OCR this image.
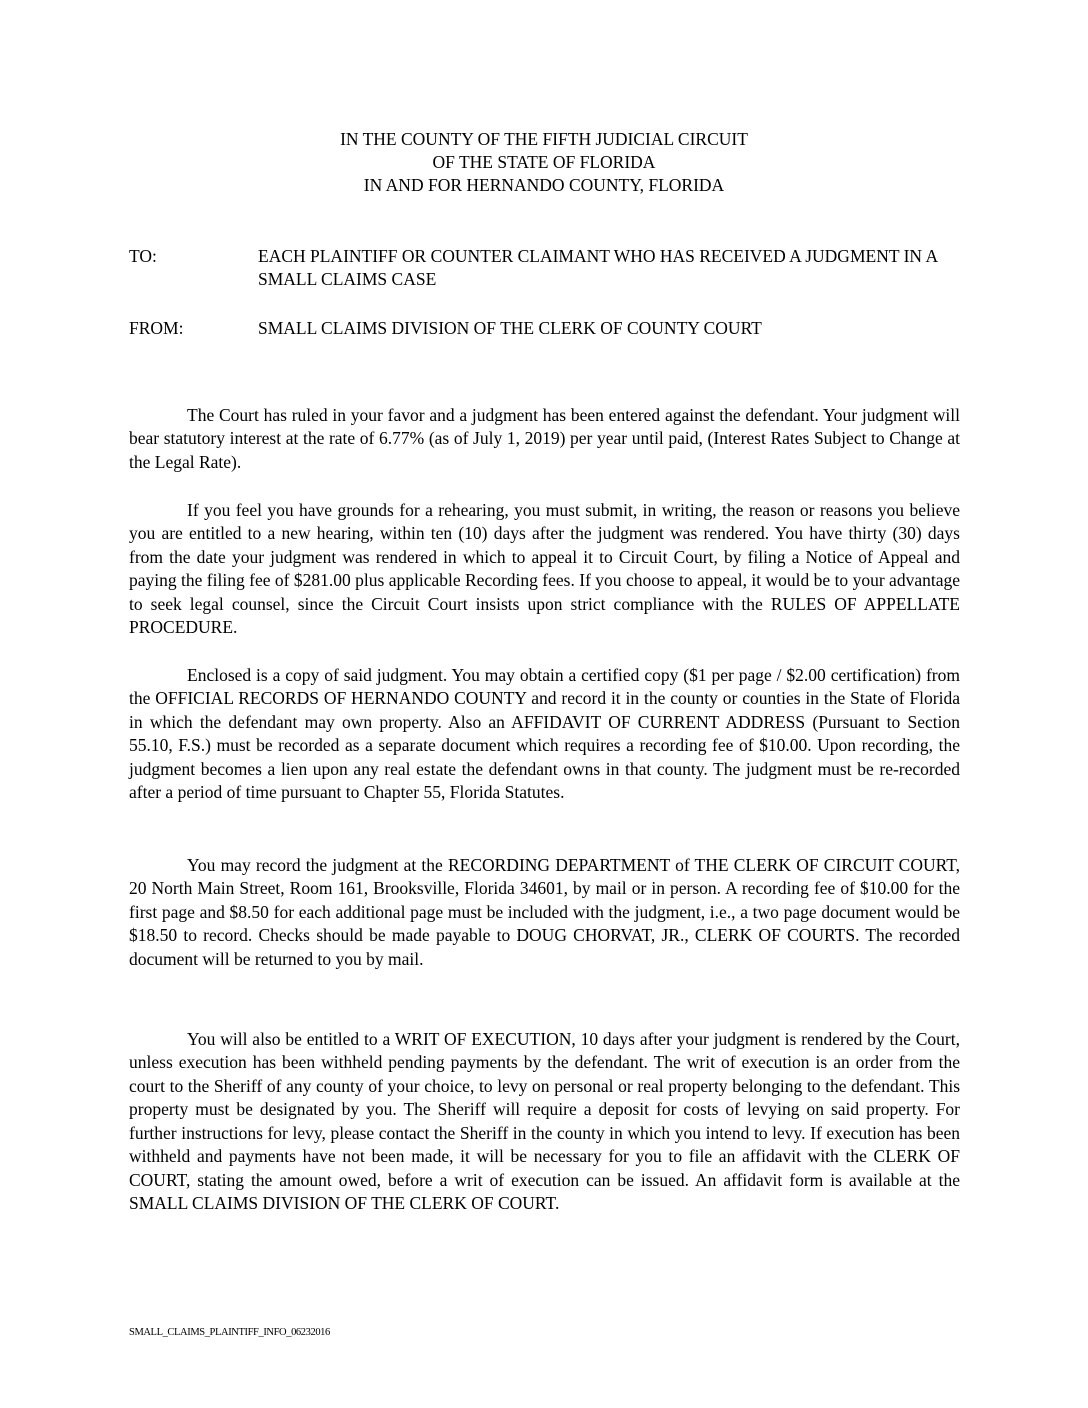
IN THE COUNTY OF THE FIFTH JUDICIAL CIRCUIT
OF THE STATE OF FLORIDA
IN AND FOR HERNANDO COUNTY, FLORIDA
TO:	EACH PLAINTIFF OR COUNTER CLAIMANT WHO HAS RECEIVED A JUDGMENT IN A SMALL CLAIMS CASE
FROM:	SMALL CLAIMS DIVISION OF THE CLERK OF COUNTY COURT

The Court has ruled in your favor and a judgment has been entered against the defendant. Your judgment will bear statutory interest at the rate of 6.77% (as of July 1, 2019) per year until paid, (Interest Rates Subject to Change at the Legal Rate).

If you feel you have grounds for a rehearing, you must submit, in writing, the reason or reasons you believe you are entitled to a new hearing, within ten (10) days after the judgment was rendered. You have thirty (30) days from the date your judgment was rendered in which to appeal it to Circuit Court, by filing a Notice of Appeal and paying the filing fee of $281.00 plus applicable Recording fees. If you choose to appeal, it would be to your advantage to seek legal counsel, since the Circuit Court insists upon strict compliance with the RULES OF APPELLATE PROCEDURE.

Enclosed is a copy of said judgment. You may obtain a certified copy ($1 per page / $2.00 certification) from the OFFICIAL RECORDS OF HERNANDO COUNTY and record it in the county or counties in the State of Florida in which the defendant may own property. Also an AFFIDAVIT OF CURRENT ADDRESS (Pursuant to Section 55.10, F.S.) must be recorded as a separate document which requires a recording fee of $10.00. Upon recording, the judgment becomes a lien upon any real estate the defendant owns in that county. The judgment must be re-recorded after a period of time pursuant to Chapter 55, Florida Statutes.

You may record the judgment at the RECORDING DEPARTMENT of THE CLERK OF CIRCUIT COURT, 20 North Main Street, Room 161, Brooksville, Florida 34601, by mail or in person. A recording fee of $10.00 for the first page and $8.50 for each additional page must be included with the judgment, i.e., a two page document would be $18.50 to record. Checks should be made payable to DOUG CHORVAT, JR., CLERK OF COURTS. The recorded document will be returned to you by mail.

You will also be entitled to a WRIT OF EXECUTION, 10 days after your judgment is rendered by the Court, unless execution has been withheld pending payments by the defendant. The writ of execution is an order from the court to the Sheriff of any county of your choice, to levy on personal or real property belonging to the defendant. This property must be designated by you. The Sheriff will require a deposit for costs of levying on said property. For further instructions for levy, please contact the Sheriff in the county in which you intend to levy. If execution has been withheld and payments have not been made, it will be necessary for you to file an affidavit with the CLERK OF COURT, stating the amount owed, before a writ of execution can be issued. An affidavit form is available at the SMALL CLAIMS DIVISION OF THE CLERK OF COURT.

SMALL_CLAIMS_PLAINTIFF_INFO_06232016
